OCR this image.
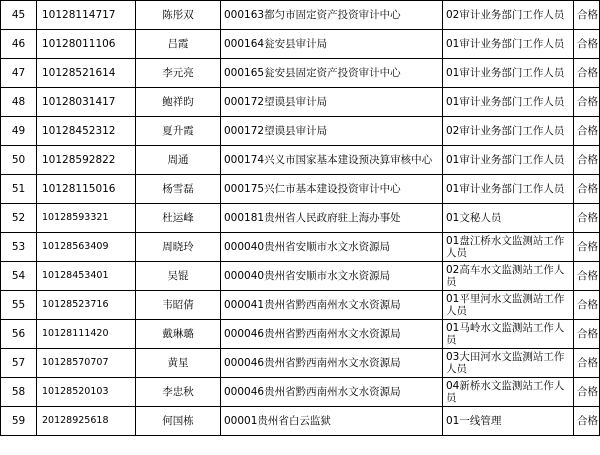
45	10128114717	陈彤双	000163都匀市固定资产投资审计中心	02审计业务部门工作人员	合格
46	10128011106	吕霞	000164瓮安县审计局	01审计业务部门工作人员	合格
47	10128521614	李元亮	000165瓮安县固定资产投资审计中心	01审计业务部门工作人员	合格
48	10128031417	鲍祥昀	000172望谟县审计局	01审计业务部门工作人员	合格
49	10128452312	夏升霞	000172望谟县审计局	02审计业务部门工作人员	合格
50	10128592822	周通	000174兴义市国家基本建设预决算审核中心	01审计业务部门工作人员	合格
51	10128115016	杨雪磊	000175兴仁市基本建设投资审计中心	01审计业务部门工作人员	合格
52	10128593321	杜运峰	000181贵州省人民政府驻上海办事处	01文秘人员	合格
53	10128563409	周晓玲	000040贵州省安顺市水文水资源局	01盘江桥水文监测站工作人员	合格
54	10128453401	吴锟	000040贵州省安顺市水文水资源局	02高车水文监测站工作人员	合格
55	10128523716	韦昭倩	000041贵州省黔西南州水文水资源局	01平里河水文监测站工作人员	合格
56	10128111420	戴琳璐	000046贵州省黔西南州水文水资源局	01马岭水文监测站工作人员	合格
57	10128570707	黄星	000046贵州省黔西南州水文水资源局	03大田河水文监测站工作人员	合格
58	10128520103	李忠秋	000046贵州省黔西南州水文水资源局	04新桥水文监测站工作人员	合格
59	20128925618	何国栋	00001贵州省白云监狱	01一线管理	合格
